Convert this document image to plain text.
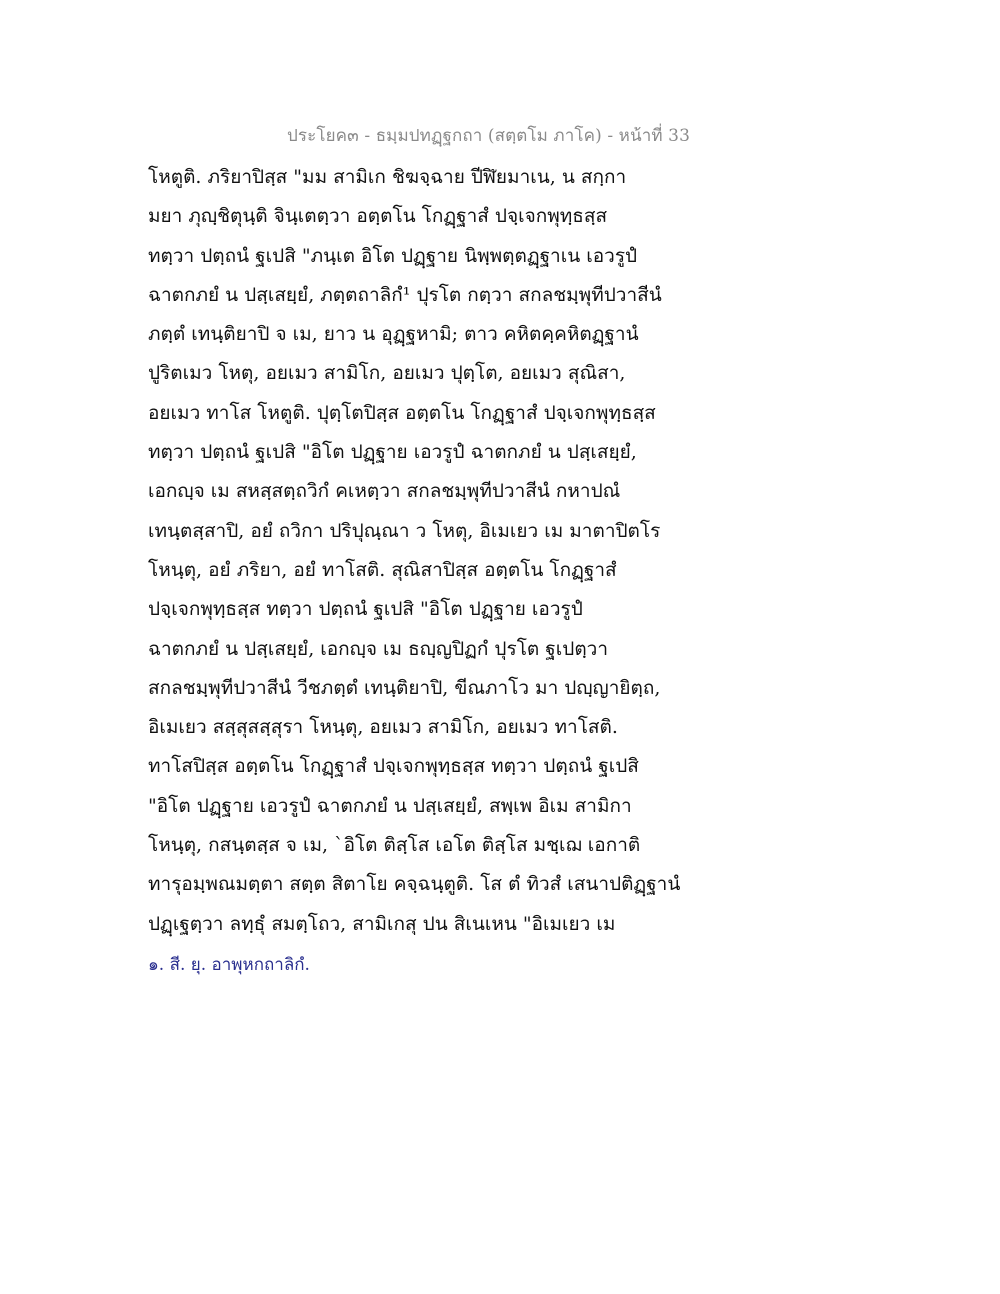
ประโยค๓ - ธมฺมปทฏฺฐกถา (สตฺตโม ภาโค) - หน้าที่ 33
โหตูติ. ภริยาปิสฺส "มม สามิเก ชิฆจฺฉาย ปีฬิยมาเน, น สกฺกา
มยา ภุญฺชิตุนฺติ จินฺเตตฺวา อตฺตโน โกฏฺฐาสํ ปจฺเจกพุทฺธสฺส
ทตฺวา ปตฺถนํ ฐเปสิ "ภนฺเต อิโต ปฏฺฐาย นิพฺพตฺตฏฺฐาเน เอวรูปํ
ฉาตกภยํ น ปสฺเสยฺยํ, ภตฺตถาลิกํ¹ ปุรโต กตฺวา สกลชมฺพุทีปวาสีนํ
ภตฺตํ เทนฺติยาปิ จ เม, ยาว น อุฏฺฐหามิ; ตาว คหิตคฺคหิตฏฺฐานํ
ปูริตเมว โหตุ, อยเมว สามิโก, อยเมว ปุตฺโต, อยเมว สุณิสา,
อยเมว ทาโส โหตูติ. ปุตฺโตปิสฺส อตฺตโน โกฏฺฐาสํ ปจฺเจกพุทฺธสฺส
ทตฺวา ปตฺถนํ ฐเปสิ "อิโต ปฏฺฐาย เอวรูปํ ฉาตกภยํ น ปสฺเสยฺยํ,
เอกญฺจ เม สหสฺสตฺถวิกํ คเหตฺวา สกลชมฺพุทีปวาสีนํ กหาปณํ
เทนฺตสฺสาปิ, อยํ ถวิกา ปริปุณฺณา ว โหตุ, อิเมเยว เม มาตาปิตโร
โหนฺตุ, อยํ ภริยา, อยํ ทาโสติ. สุณิสาปิสฺส อตฺตโน โกฏฺฐาสํ
ปจฺเจกพุทฺธสฺส ทตฺวา ปตฺถนํ ฐเปสิ "อิโต ปฏฺฐาย เอวรูปํ
ฉาตกภยํ น ปสฺเสยฺยํ, เอกญฺจ เม ธญฺญปิฏกํ ปุรโต ฐเปตฺวา
สกลชมฺพุทีปวาสีนํ วีชภตฺตํ เทนฺติยาปิ, ขีณภาโว มา ปญฺญายิตฺถ,
อิเมเยว สสฺสุสสฺสุรา โหนฺตุ, อยเมว สามิโก, อยเมว ทาโสติ.
ทาโสปิสฺส อตฺตโน โกฏฺฐาสํ ปจฺเจกพุทฺธสฺส ทตฺวา ปตฺถนํ ฐเปสิ
"อิโต ปฏฺฐาย เอวรูปํ ฉาตกภยํ น ปสฺเสยฺยํ, สพฺเพ อิเม สามิกา
โหนฺตุ, กสนฺตสฺส จ เม, `อิโต ติสฺโส เอโต ติสฺโส มชฺเฌ เอกาติ
ทารุอมฺพณมตฺตา สตฺต สิตาโย คจฺฉนฺตูติ. โส ตํ ทิวสํ เสนาปติฏฺฐานํ
ปฏฺเฐตฺวา ลทฺธุํ สมตฺโถว, สามิเกสุ ปน สิเนเหน "อิเมเยว เม
๑. สี. ยุ. อาพุหกถาลิกํ.
